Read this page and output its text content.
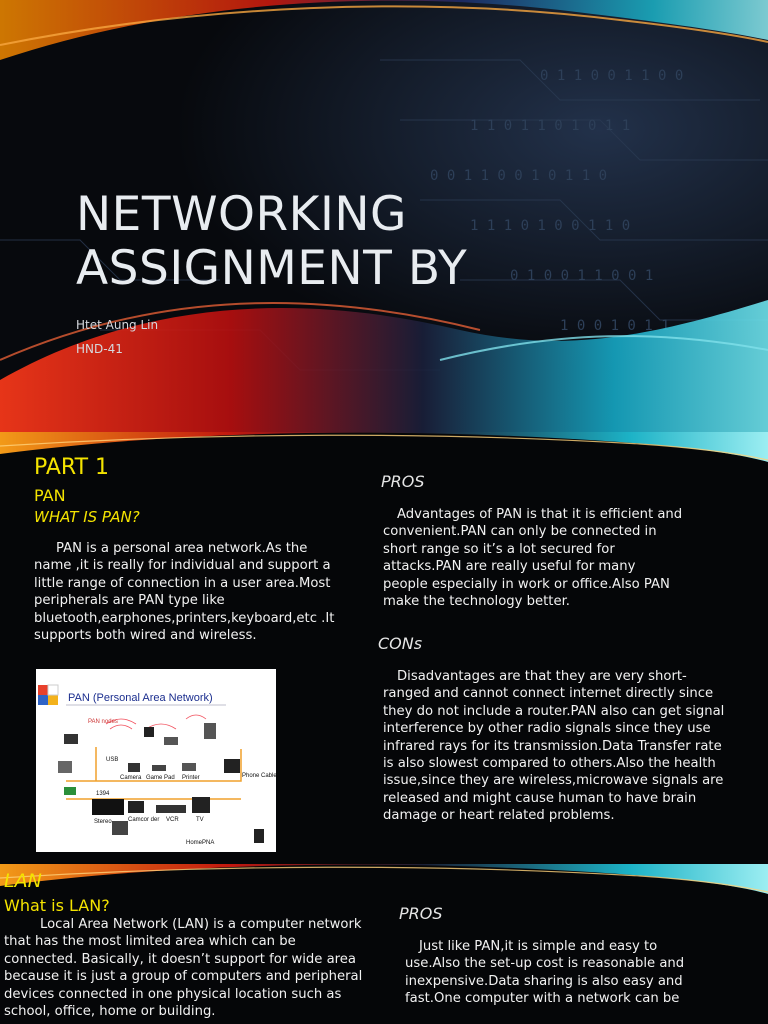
0 1 1 0 0 1 1 0 0
1 1 0 1 1 0 1 0 1 1
0 0 1 1 0 0 1 0 1 1 0
1 1 1 0 1 0 0 1 1 0
0 1 0 0 1 1 0 0 1
1 0 0 1 0 1 1
NETWORKING
ASSIGNMENT BY
Htet Aung Lin
HND-41
PART 1
PAN
WHAT IS PAN?
PAN is a personal area network.As the name ,it is really for individual and support a little range of connection in a user area.Most peripherals are PAN type like bluetooth,earphones,printers,keyboard,etc .It supports both wired and wireless.
PROS
Advantages of PAN is that it is efficient and convenient.PAN can only be connected in short range so it’s a lot secured for attacks.PAN are really useful for many people especially in work or office.Also PAN make the technology better.
CONs
Disadvantages are that they are very short-ranged and cannot connect internet directly since they do not include a router.PAN also can get signal interference by other radio signals since they use infrared rays for its transmission.Data Transfer rate is also slowest compared to others.Also the health issue,since they are wireless,microwave signals are released and might cause human to have brain damage or heart related problems.
PAN (Personal Area Network)
PAN nodes
USB
Camera Game Pad Printer	Phone Cable
1394
Stereo	Camcor der VCR	TV
HomePNA
LAN
What is LAN?
Local Area Network (LAN) is a computer network that has the most limited area which can be connected. Basically, it doesn’t support for wide area because it is just a group of computers and peripheral devices connected in one physical location such as school, office, home or building.
PROS
Just like PAN,it is simple and easy to use.Also the set-up cost is reasonable and inexpensive.Data sharing is also easy and fast.One computer with a network can be
